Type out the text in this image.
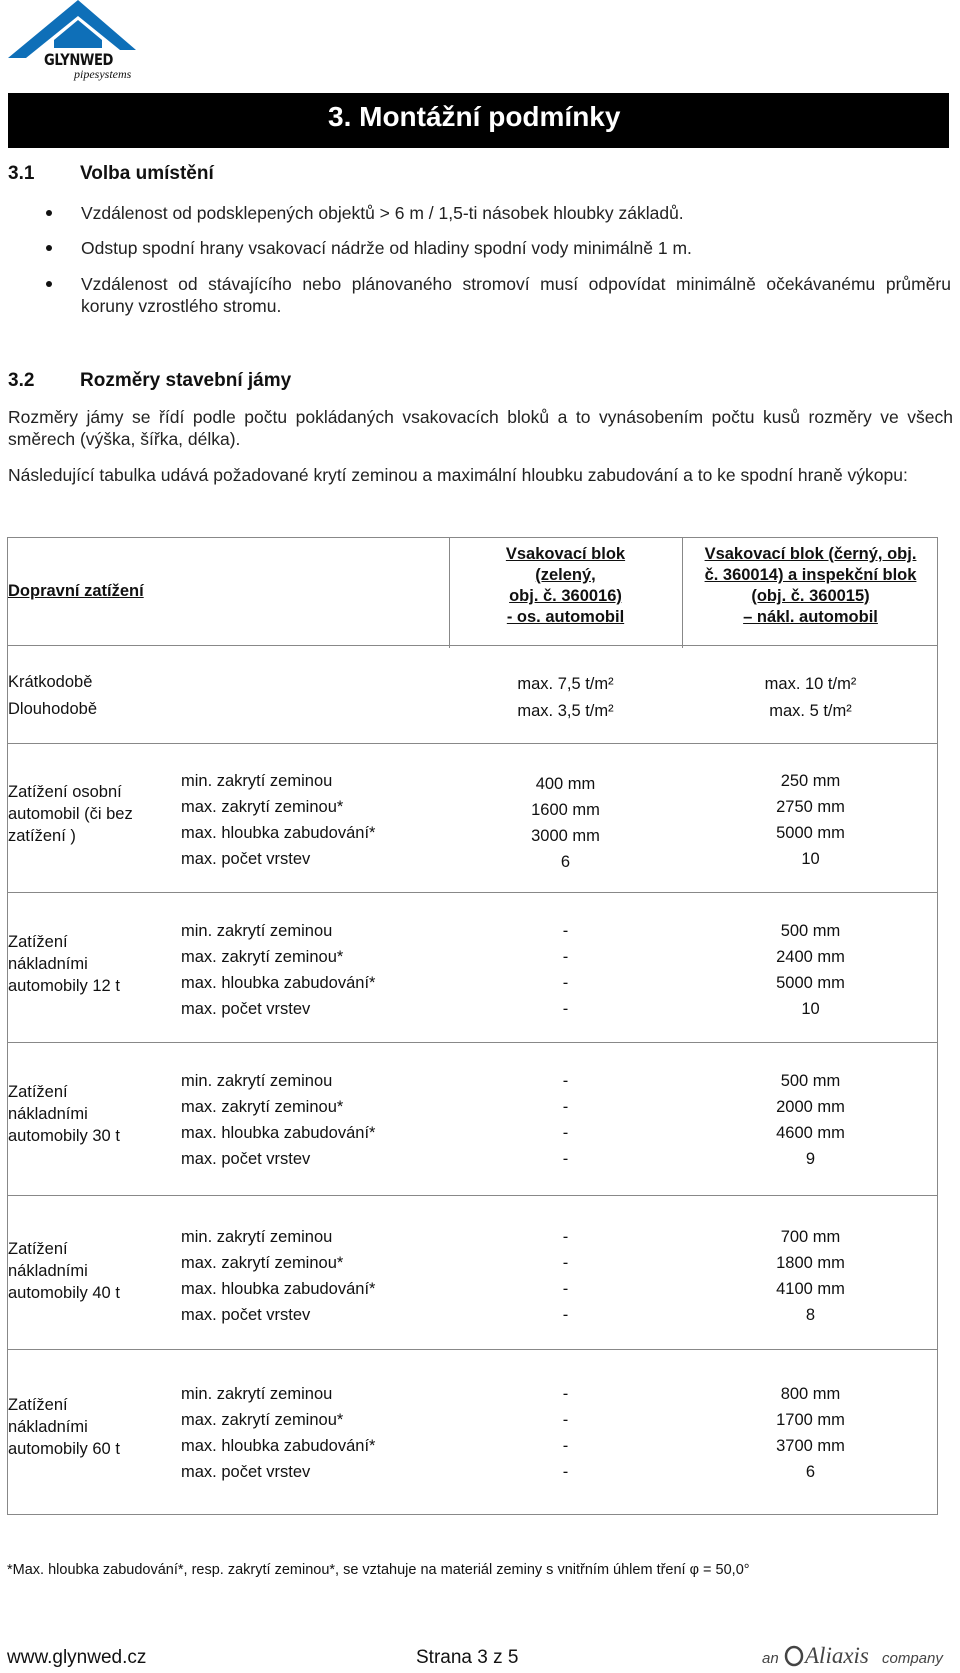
GLYNWED
pipesystems
3. Montážní podmínky
3.1 Volba umístění
Vzdálenost od podsklepených objektů > 6 m / 1,5-ti násobek hloubky základů.
Odstup spodní hrany vsakovací nádrže od hladiny spodní vody minimálně 1 m.
Vzdálenost od stávajícího nebo plánovaného stromoví musí odpovídat minimálně očekávanému průměru koruny vzrostlého stromu.
3.2 Rozměry stavební jámy
Rozměry jámy se řídí podle počtu pokládaných vsakovacích bloků a to vynásobením počtu kusů rozměry ve všech směrech (výška, šířka, délka).
Následující tabulka udává požadované krytí zeminou a maximální hloubku zabudování a to ke spodní hraně výkopu:
Dopravní zatížení
Vsakovací blok
(zelený,
obj. č. 360016)
- os. automobil
Vsakovací blok (černý, obj.
č. 360014) a inspekční blok
(obj. č. 360015)
– nákl. automobil
Krátkodobě
Dlouhodobě
max. 7,5 t/m²
max. 3,5 t/m²
max. 10 t/m²
max. 5 t/m²
Zatížení osobní
automobil (či bez
zatížení )
min. zakrytí zeminou
max. zakrytí zeminou*
max. hloubka zabudování*
max. počet vrstev
400 mm
1600 mm
3000 mm
6
250 mm
2750 mm
5000 mm
10
Zatížení
nákladními
automobily 12 t
min. zakrytí zeminou
max. zakrytí zeminou*
max. hloubka zabudování*
max. počet vrstev
-
-
-
-
500 mm
2400 mm
5000 mm
10
Zatížení
nákladními
automobily 30 t
min. zakrytí zeminou
max. zakrytí zeminou*
max. hloubka zabudování*
max. počet vrstev
-
-
-
-
500 mm
2000 mm
4600 mm
9
Zatížení
nákladními
automobily 40 t
min. zakrytí zeminou
max. zakrytí zeminou*
max. hloubka zabudování*
max. počet vrstev
-
-
-
-
700 mm
1800 mm
4100 mm
8
Zatížení
nákladními
automobily 60 t
min. zakrytí zeminou
max. zakrytí zeminou*
max. hloubka zabudování*
max. počet vrstev
-
-
-
-
800 mm
1700 mm
3700 mm
6
*Max. hloubka zabudování*, resp. zakrytí zeminou*, se vztahuje na materiál zeminy s vnitřním úhlem tření φ = 50,0°
www.glynwed.cz	Strana 3 z 5	an Aliaxis company
